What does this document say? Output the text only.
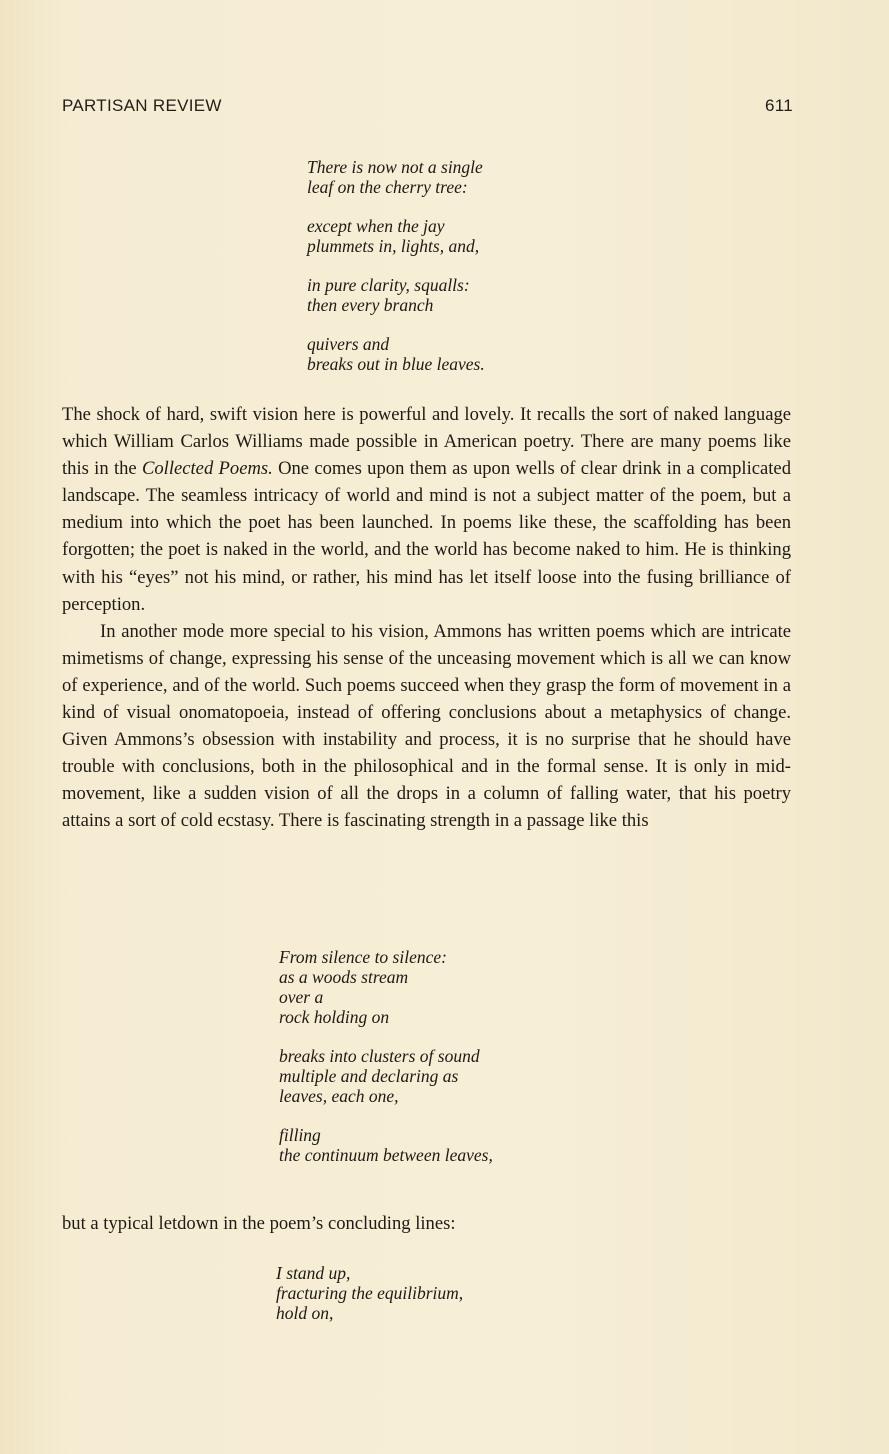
PARTISAN REVIEW	611
There is now not a single
leaf on the cherry tree:
except when the jay
plummets in, lights, and,
in pure clarity, squalls:
then every branch
quivers and
breaks out in blue leaves.

The shock of hard, swift vision here is powerful and lovely. It recalls the sort of naked language which William Carlos Williams made possible in American poetry. There are many poems like this in the Collected Poems. One comes upon them as upon wells of clear drink in a complicated landscape. The seamless intricacy of world and mind is not a subject matter of the poem, but a medium into which the poet has been launched. In poems like these, the scaffolding has been forgotten; the poet is naked in the world, and the world has become naked to him. He is thinking with his “eyes” not his mind, or rather, his mind has let itself loose into the fusing brilliance of perception.

In another mode more special to his vision, Ammons has written poems which are intricate mimetisms of change, expressing his sense of the unceasing movement which is all we can know of experience, and of the world. Such poems succeed when they grasp the form of movement in a kind of visual onomatopoeia, instead of offering conclusions about a metaphysics of change. Given Ammons’s obsession with instability and process, it is no surprise that he should have trouble with conclusions, both in the philosophical and in the formal sense. It is only in mid-movement, like a sudden vision of all the drops in a column of falling water, that his poetry attains a sort of cold ecstasy. There is fascinating strength in a passage like this

From silence to silence:
as a woods stream
over a
rock holding on
breaks into clusters of sound
multiple and declaring as
leaves, each one,
filling
the continuum between leaves,
but a typical letdown in the poem’s concluding lines:
I stand up,
fracturing the equilibrium,
hold on,
